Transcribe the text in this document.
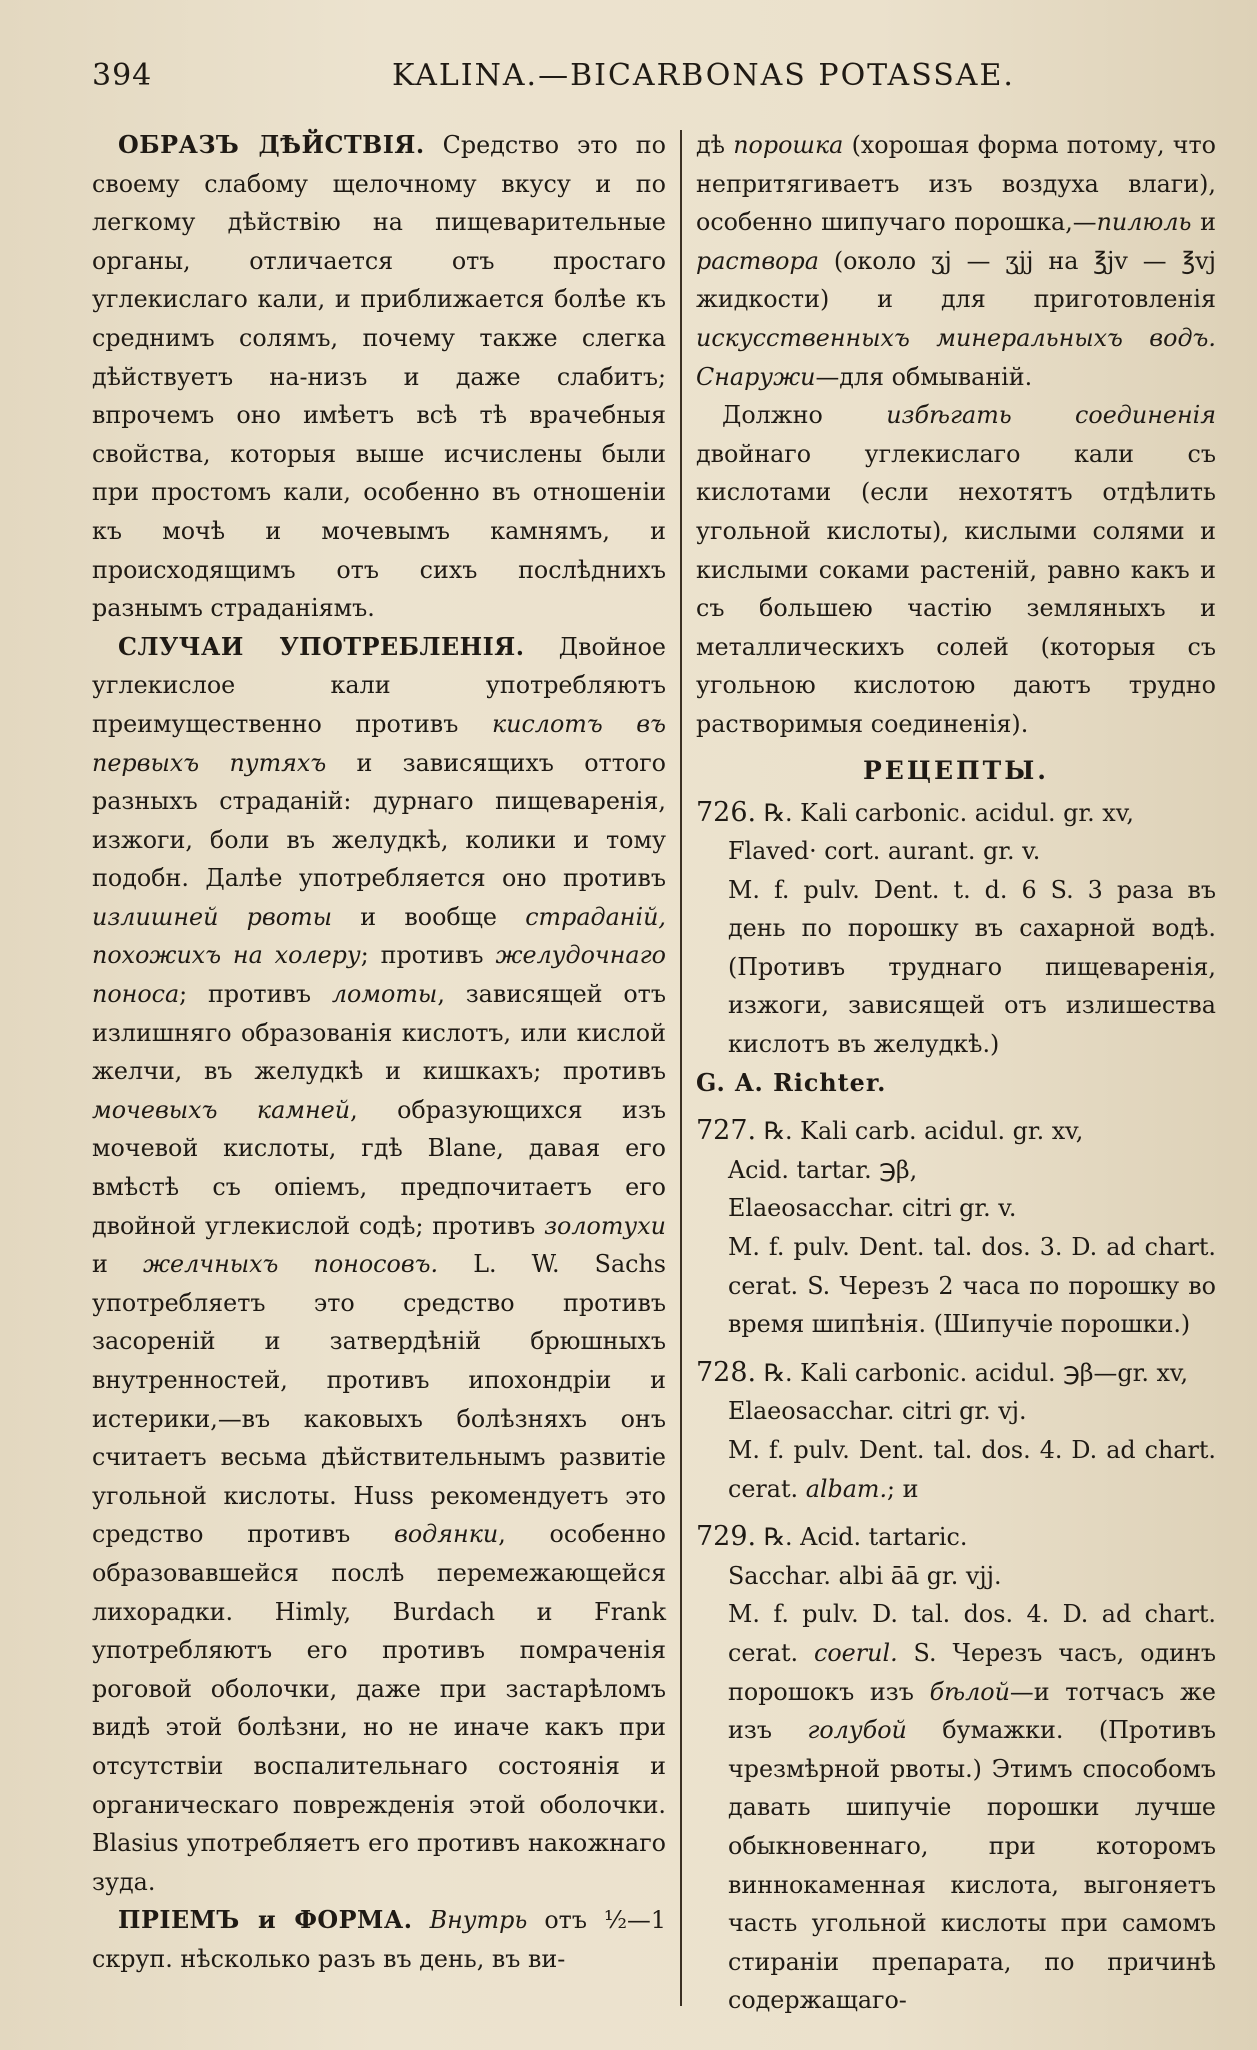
394	KALINA.—BICARBONAS POTASSAE.

ОБРАЗЪ ДѢЙСТВІЯ. Средство это по своему слабому щелочному вкусу и по легкому дѣйствію на пищеварительные органы, отличается отъ простаго углекислаго кали, и приближается болѣе къ среднимъ солямъ, почему также слегка дѣйствуетъ на-низъ и даже слабитъ; впрочемъ оно имѣетъ всѣ тѣ врачебныя свойства, которыя выше исчислены были при простомъ кали, особенно въ отношеніи къ мочѣ и мочевымъ камнямъ, и происходящимъ отъ сихъ послѣднихъ разнымъ страданіямъ.

СЛУЧАИ УПОТРЕБЛЕНІЯ. Двойное углекислое кали употребляютъ преимущественно противъ кислотъ въ первыхъ путяхъ и зависящихъ оттого разныхъ страданій: дурнаго пищеваренія, изжоги, боли въ желудкѣ, колики и тому подобн. Далѣе употребляется оно противъ излишней рвоты и вообще страданій, похожихъ на холеру; противъ желудочнаго поноса; противъ ломоты, зависящей отъ излишняго образованія кислотъ, или кислой желчи, въ желудкѣ и кишкахъ; противъ мочевыхъ камней, образующихся изъ мочевой кислоты, гдѣ Blane, давая его вмѣстѣ съ опіемъ, предпочитаетъ его двойной углекислой содѣ; противъ золотухи и желчныхъ поносовъ. L. W. Sachs употребляетъ это средство противъ засореній и затвердѣній брюшныхъ внутренностей, противъ ипохондріи и истерики,—въ каковыхъ болѣзняхъ онъ считаетъ весьма дѣйствительнымъ развитіе угольной кислоты. Huss рекомендуетъ это средство противъ водянки, особенно образовавшейся послѣ перемежающейся лихорадки. Himly, Burdach и Frank употребляютъ его противъ помраченія роговой оболочки, даже при застарѣломъ видѣ этой болѣзни, но не иначе какъ при отсутствіи воспалительнаго состоянія и органическаго поврежденія этой оболочки. Blasius употребляетъ его противъ накожнаго зуда.

ПРІЕМЪ и ФОРМА. Внутрь отъ ½—1 скруп. нѣсколько разъ въ день, въ ви-

дѣ порошка (хорошая форма потому, что непритягиваетъ изъ воздуха влаги), особенно шипучаго порошка,—пилюль и раствора (около ʒj — ʒjj на ℥jv — ℥vj жидкости) и для приготовленія искусственныхъ минеральныхъ водъ. Снаружи—для обмыванiй.

Должно	избѣгать соединенія двойнаго углекислаго кали съ кислотами (если нехотятъ отдѣлить угольной кислоты), кислыми солями и кислыми соками растеній, равно какъ и съ большею частію земляныхъ и металлическихъ солей (которыя съ угольною кислотою даютъ трудно растворимыя соединенія).

РЕЦЕПТЫ.
726. ℞. Kali carbonic. acidul. gr. xv,
Flaved· cort. aurant. gr. v.
M. f. pulv. Dent. t. d. 6 S. 3 раза въ день по порошку въ сахарной водѣ. (Противъ труднаго пищеваренія, изжоги, зависящей отъ излишества кислотъ въ желудкѣ.)
G. A. Richter.
727. ℞. Kali carb. acidul. gr. xv,
Acid. tartar. ℈β,
Elaeosacchar. citri gr. v.
M. f. pulv. Dent. tal. dos. 3. D. ad chart. cerat. S. Черезъ 2 часа по порошку во время шипѣнія. (Шипучіе порошки.)
728. ℞. Kali carbonic. acidul. ℈β—gr. xv,
Elaeosacchar. citri gr. vj.
M. f. pulv. Dent. tal. dos. 4. D. ad chart. cerat. albam.; и
729. ℞. Acid. tartaric.
Sacchar. albi āā gr. vjj.
M. f. pulv. D. tal. dos. 4. D. ad chart. cerat. coerul. S. Черезъ часъ, одинъ порошокъ изъ бѣлой—и тотчасъ же изъ голубой бумажки. (Противъ чрезмѣрной рвоты.) Этимъ способомъ давать шипучіе порошки лучше обыкновеннаго, при которомъ виннокаменная кислота, выгоняетъ часть угольной кислоты при самомъ стираніи препарата, по причинѣ содержащаго-
